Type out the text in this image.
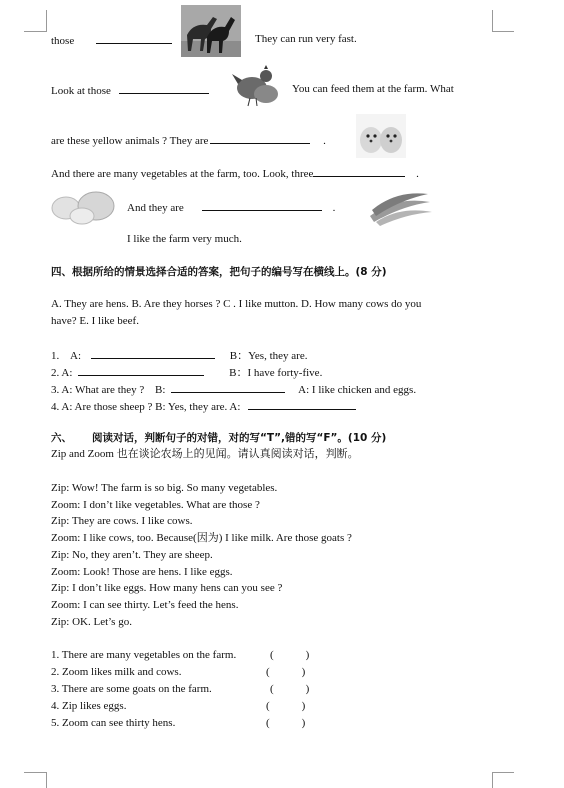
those	They can run very fast.
Look at those	You can feed them at the farm. What
are these yellow animals ? They are	.
And there are many vegetables at the farm, too. Look, three	.
And they are	.
I like the farm very much.
四、根据所给的情景选择合适的答案，把句子的编号写在横线上。(8 分)
A. They are hens. B. Are they horses ? C . I like mutton. D. How many cows do you
have? E. I like beef.
1. A:	B：Yes, they are.
2. A:	B：I have forty-five.
3. A: What are they ? B:	A: I like chicken and eggs.
4. A: Are those sheep ? B: Yes, they are. A:
六、 阅读对话，判断句子的对错，对的写“T”,错的写“F”。(10 分)
Zip and Zoom 也在谈论农场上的见闻。请认真阅读对话，判断。
Zip: Wow! The farm is so big. So many vegetables.
Zoom: I don’t like vegetables. What are those ?
Zip: They are cows. I like cows.
Zoom: I like cows, too. Because(因为) I like milk. Are those goats ?
Zip: No, they aren’t. They are sheep.
Zoom: Look! Those are hens. I like eggs.
Zip: I don’t like eggs. How many hens can you see ?
Zoom: I can see thirty. Let’s feed the hens.
Zip: OK. Let’s go.
1. There are many vegetables on the farm.	(	)
2. Zoom likes milk and cows.	(	)
3. There are some goats on the farm.	(	)
4. Zip likes eggs.	(	)
5. Zoom can see thirty hens.	(	)
